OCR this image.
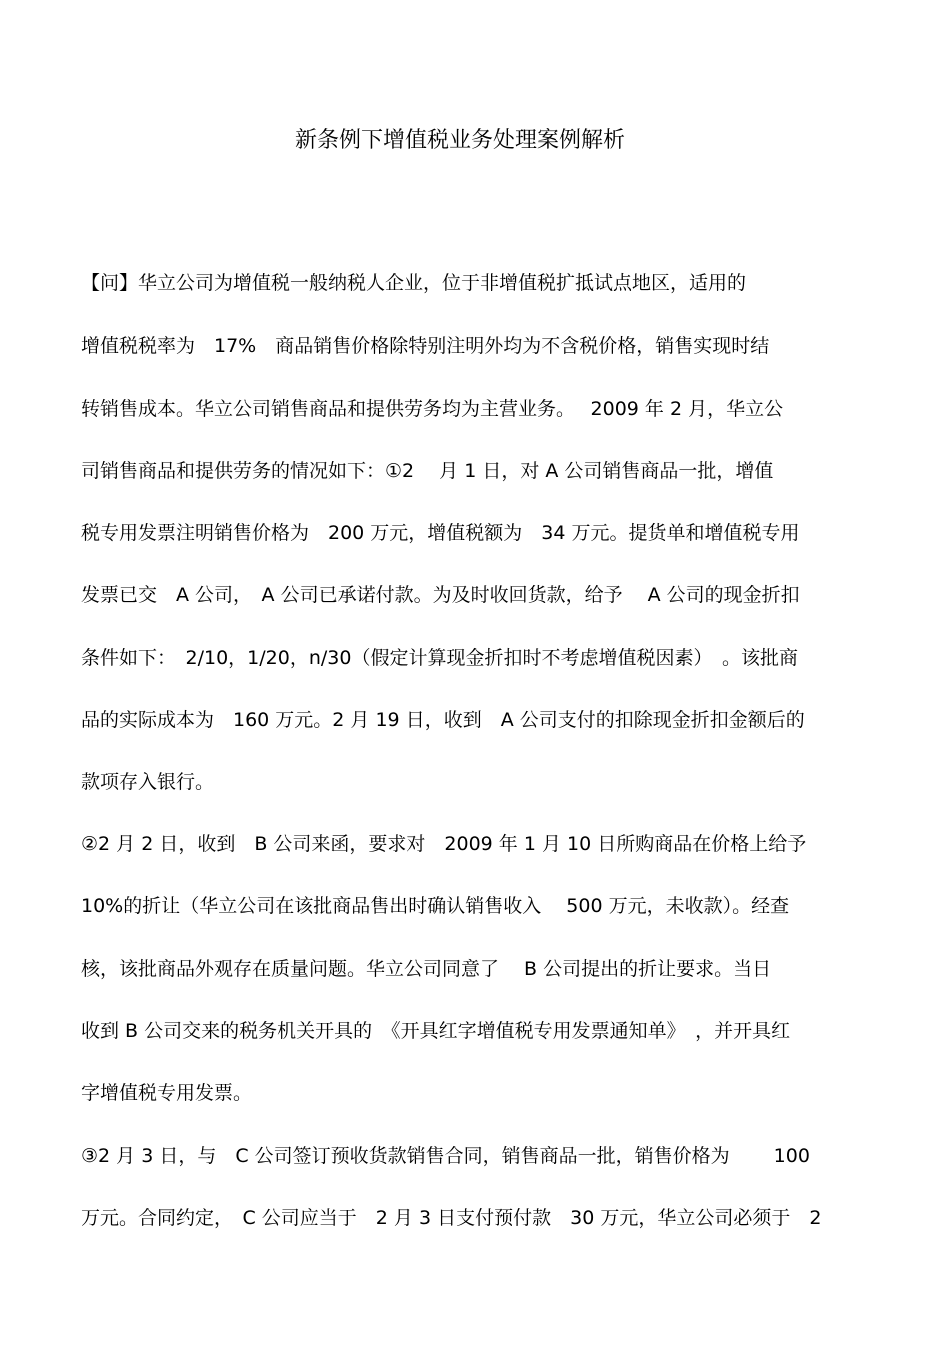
新条例下增值税业务处理案例解析
【问】华立公司为增值税一般纳税人企业，位于非增值税扩抵试点地区，适用的
增值税税率为　17%　商品销售价格除特别注明外均为不含税价格，销售实现时结
转销售成本。华立公司销售商品和提供劳务均为主营业务。　 2009 年 2 月，华立公
司销售商品和提供劳务的情况如下：①2　 月 1 日，对 A 公司销售商品一批，增值
税专用发票注明销售价格为　200 万元，增值税额为　34 万元。提货单和增值税专用
发票已交　A 公司，　A 公司已承诺付款。为及时收回货款，给予　 A 公司的现金折扣
条件如下：　2/10，1/20，n/30（假定计算现金折扣时不考虑增值税因素）　。该批商
品的实际成本为　160 万元。2 月 19 日，收到　A 公司支付的扣除现金折扣金额后的
款项存入银行。
②2 月 2 日，收到　B 公司来函，要求对　2009 年 1 月 10 日所购商品在价格上给予
10%的折让（华立公司在该批商品售出时确认销售收入　 500 万元，未收款）。经查
核，该批商品外观存在质量问题。华立公司同意了　 B 公司提出的折让要求。当日
收到 B 公司交来的税务机关开具的　《开具红字增值税专用发票通知单》　，并开具红
字增值税专用发票。
③2 月 3 日，与　C 公司签订预收货款销售合同，销售商品一批，销售价格为　　 100
万元。合同约定，　C 公司应当于　2 月 3 日支付预付款　30 万元，华立公司必须于　2
